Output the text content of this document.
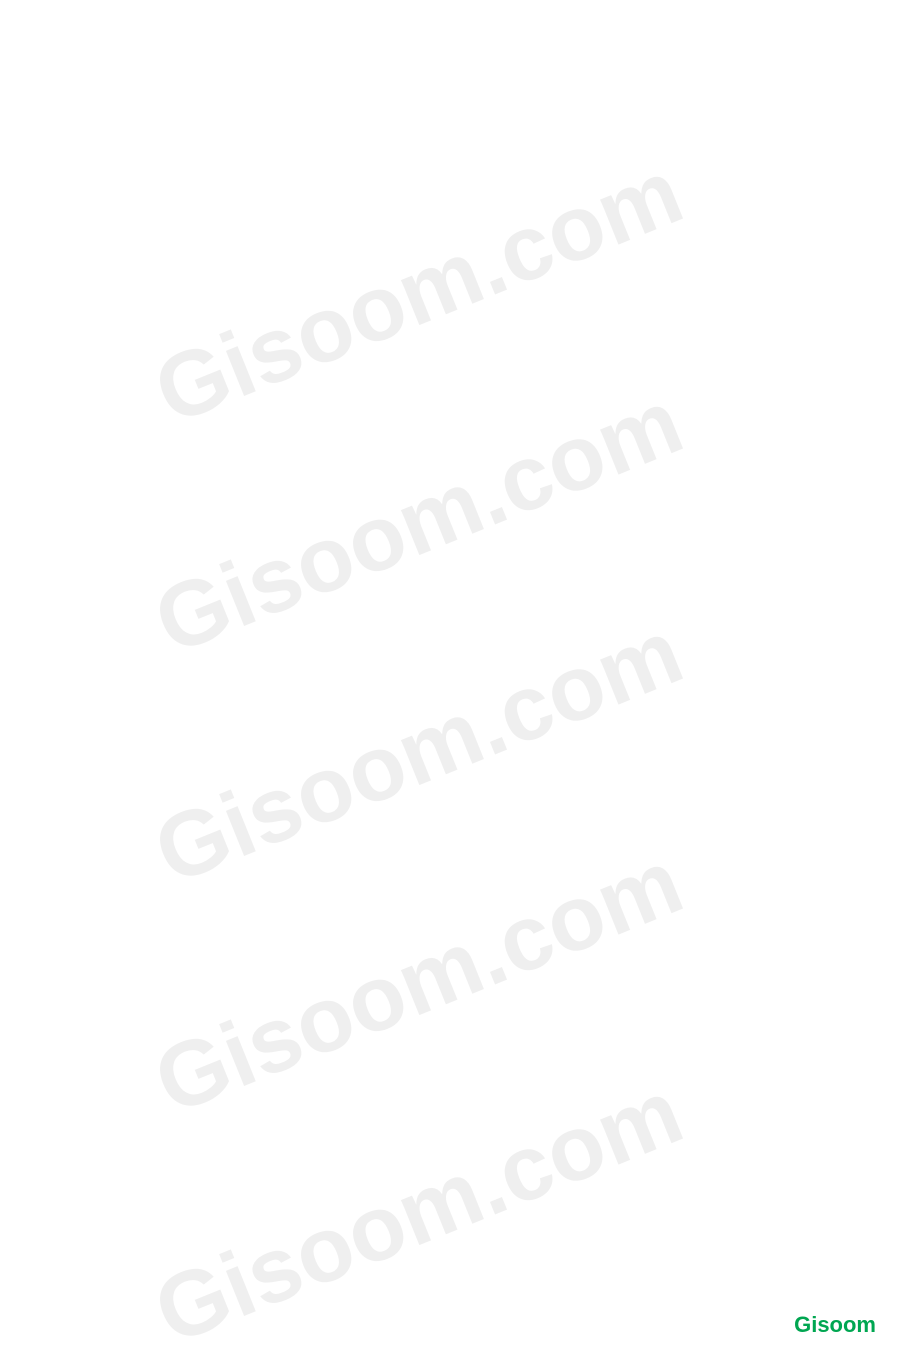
Gisoom.com
Gisoom.com
Gisoom.com
Gisoom.com
Gisoom.com	Gisoom
